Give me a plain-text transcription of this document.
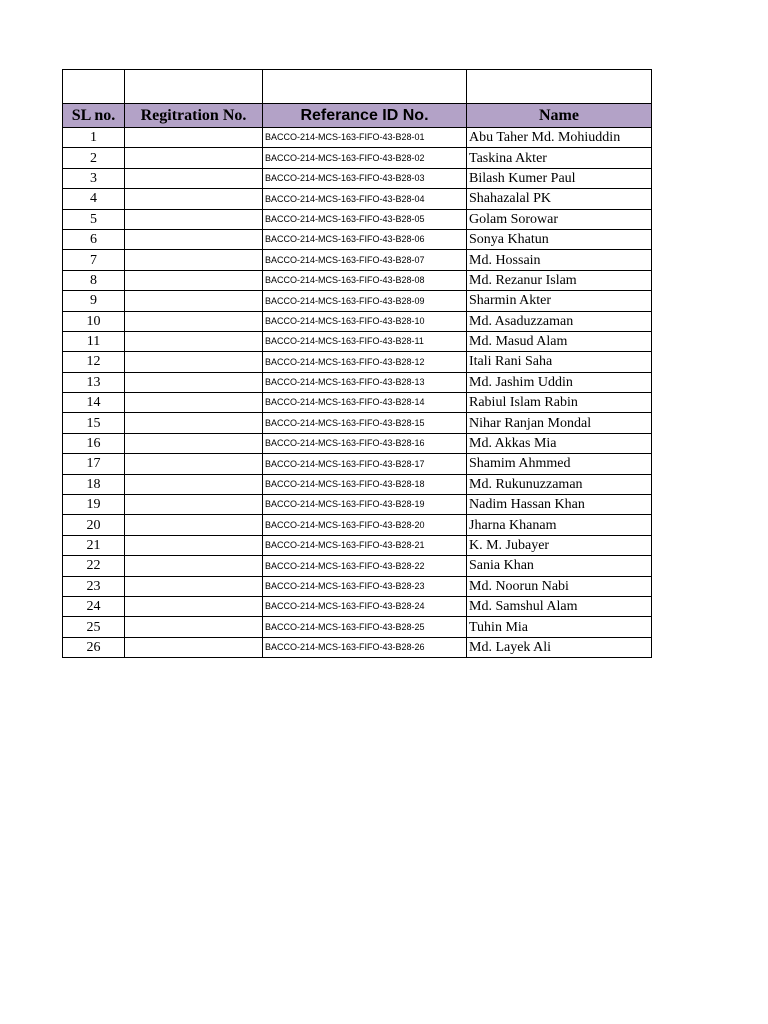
SL no.	Regitration No.	Referance ID No.	Name
1		BACCO-214-MCS-163-FIFO-43-B28-01	Abu Taher Md. Mohiuddin
2		BACCO-214-MCS-163-FIFO-43-B28-02	Taskina Akter
3		BACCO-214-MCS-163-FIFO-43-B28-03	Bilash Kumer Paul
4		BACCO-214-MCS-163-FIFO-43-B28-04	Shahazalal PK
5		BACCO-214-MCS-163-FIFO-43-B28-05	Golam Sorowar
6		BACCO-214-MCS-163-FIFO-43-B28-06	Sonya Khatun
7		BACCO-214-MCS-163-FIFO-43-B28-07	Md. Hossain
8		BACCO-214-MCS-163-FIFO-43-B28-08	Md. Rezanur Islam
9		BACCO-214-MCS-163-FIFO-43-B28-09	Sharmin Akter
10		BACCO-214-MCS-163-FIFO-43-B28-10	Md. Asaduzzaman
11		BACCO-214-MCS-163-FIFO-43-B28-11	Md. Masud Alam
12		BACCO-214-MCS-163-FIFO-43-B28-12	Itali Rani Saha
13		BACCO-214-MCS-163-FIFO-43-B28-13	Md. Jashim Uddin
14		BACCO-214-MCS-163-FIFO-43-B28-14	Rabiul Islam Rabin
15		BACCO-214-MCS-163-FIFO-43-B28-15	Nihar Ranjan Mondal
16		BACCO-214-MCS-163-FIFO-43-B28-16	Md. Akkas Mia
17		BACCO-214-MCS-163-FIFO-43-B28-17	Shamim Ahmmed
18		BACCO-214-MCS-163-FIFO-43-B28-18	Md. Rukunuzzaman
19		BACCO-214-MCS-163-FIFO-43-B28-19	Nadim Hassan Khan
20		BACCO-214-MCS-163-FIFO-43-B28-20	Jharna Khanam
21		BACCO-214-MCS-163-FIFO-43-B28-21	K. M. Jubayer
22		BACCO-214-MCS-163-FIFO-43-B28-22	Sania Khan
23		BACCO-214-MCS-163-FIFO-43-B28-23	Md. Noorun Nabi
24		BACCO-214-MCS-163-FIFO-43-B28-24	Md. Samshul Alam
25		BACCO-214-MCS-163-FIFO-43-B28-25	Tuhin Mia
26		BACCO-214-MCS-163-FIFO-43-B28-26	Md. Layek Ali
